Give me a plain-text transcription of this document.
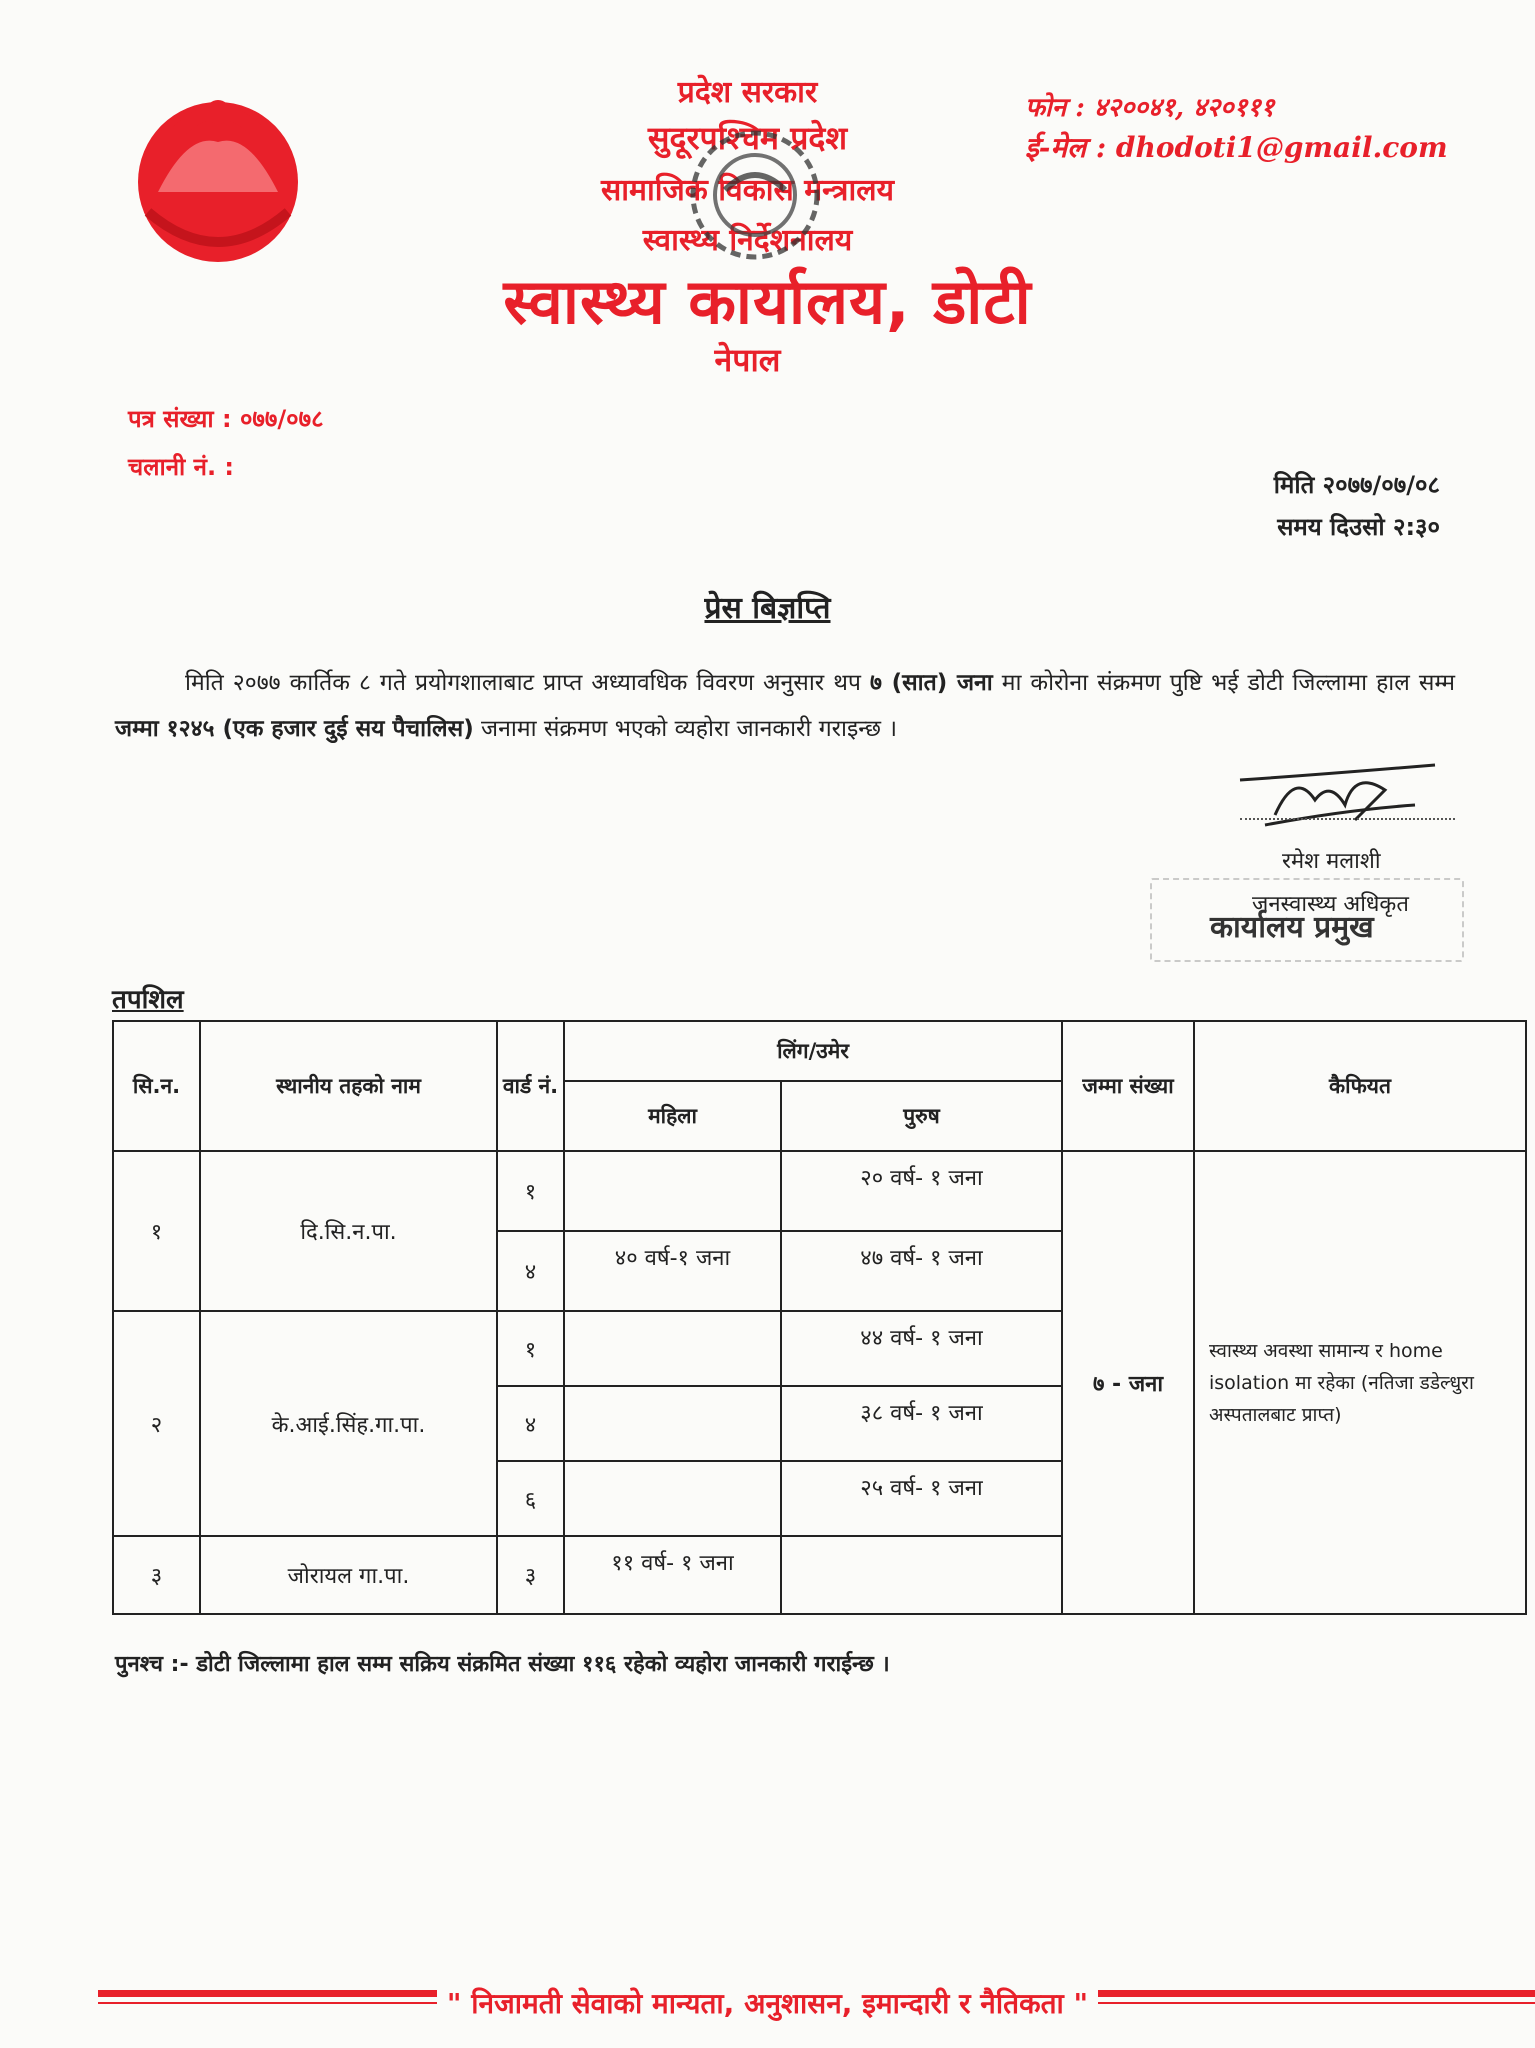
प्रदेश सरकार
सुदूरपश्चिम प्रदेश
सामाजिक विकास मन्त्रालय
स्वास्थ्य निर्देशनालय
स्वास्थ्य कार्यालय, डोटी
नेपाल
फोन : ४२००४१, ४२०१११
ई-मेल : dhodoti1@gmail.com
पत्र संख्या : ०७७/०७८
चलानी नं. :
मिति २०७७/०७/०८
समय दिउसो २:३०
प्रेस बिज्ञप्ति
मिति २०७७ कार्तिक ८ गते प्रयोगशालाबाट प्राप्त अध्यावधिक विवरण अनुसार थप ७ (सात) जना मा कोरोना संक्रमण पुष्टि भई डोटी जिल्लामा हाल सम्म जम्मा १२४५ (एक हजार दुई सय पैचालिस) जनामा संक्रमण भएको व्यहोरा जानकारी गराइन्छ ।
रमेश मलाशी
जनस्वास्थ्य अधिकृत
कार्यालय प्रमुख
तपशिल
सि.न.	स्थानीय तहको नाम	वार्ड नं.	लिंग/उमेर		जम्मा संख्या	कैफियत
			महिला	पुरुष		
१	दि.सि.न.पा.	१		२० वर्ष- १ जना	७ - जना	स्वास्थ्य अवस्था सामान्य र home isolation मा रहेका (नतिजा डडेल्धुरा अस्पतालबाट प्राप्त)
		४	४० वर्ष-१ जना	४७ वर्ष- १ जना		
२	के.आई.सिंह.गा.पा.	१		४४ वर्ष- १ जना		
		४		३८ वर्ष- १ जना		
		६		२५ वर्ष- १ जना		
३	जोरायल गा.पा.	३	११ वर्ष- १ जना			
पुनश्च :- डोटी जिल्लामा हाल सम्म सक्रिय संक्रमित संख्या ११६ रहेको व्यहोरा जानकारी गराईन्छ ।
" निजामती सेवाको मान्यता, अनुशासन, इमान्दारी र नैतिकता "
